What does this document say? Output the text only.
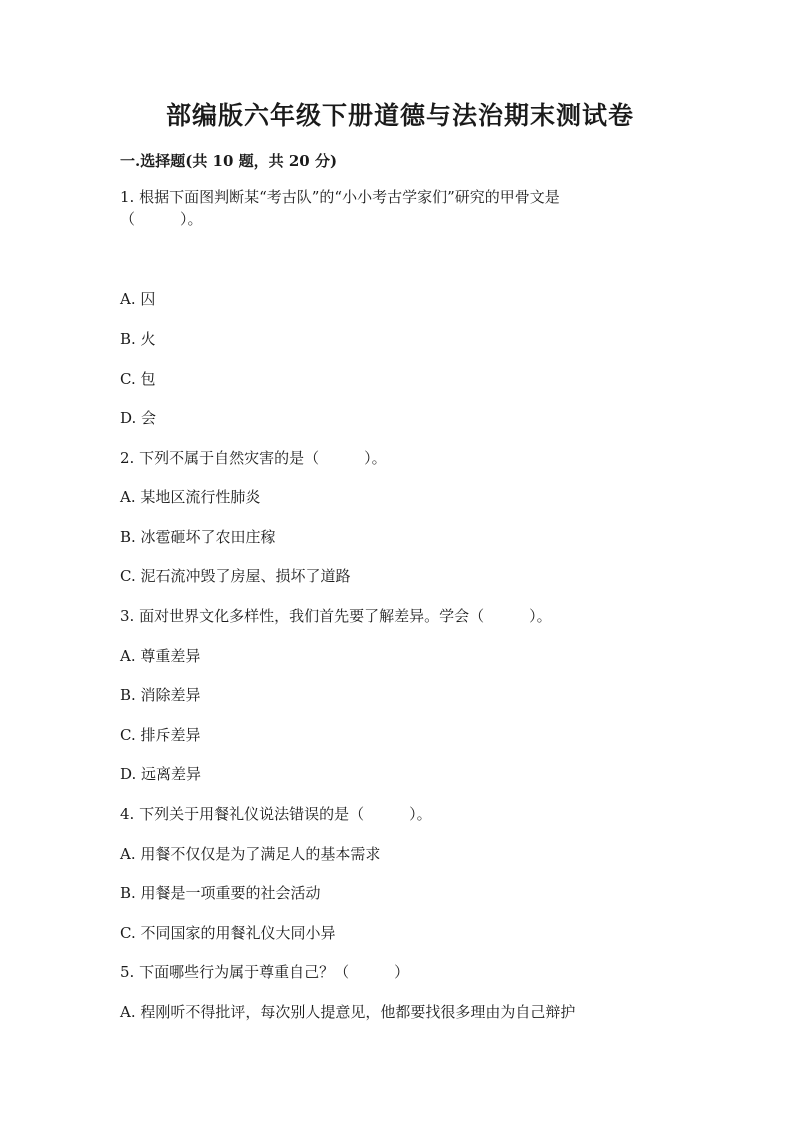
部编版六年级下册道德与法治期末测试卷
一.选择题(共 10 题，共 20 分)
1. 根据下面图判断某“考古队”的“小小考古学家们”研究的甲骨文是（　　　）。
A. 囚
B. 火
C. 包
D. 会
2. 下列不属于自然灾害的是（　　　）。
A. 某地区流行性肺炎
B. 冰雹砸坏了农田庄稼
C. 泥石流冲毁了房屋、损坏了道路
3. 面对世界文化多样性，我们首先要了解差异。学会（　　　）。
A. 尊重差异
B. 消除差异
C. 排斥差异
D. 远离差异
4. 下列关于用餐礼仪说法错误的是（　　　）。
A. 用餐不仅仅是为了满足人的基本需求
B. 用餐是一项重要的社会活动
C. 不同国家的用餐礼仪大同小异
5. 下面哪些行为属于尊重自己？（　　　）
A. 程刚听不得批评，每次别人提意见，他都要找很多理由为自己辩护
